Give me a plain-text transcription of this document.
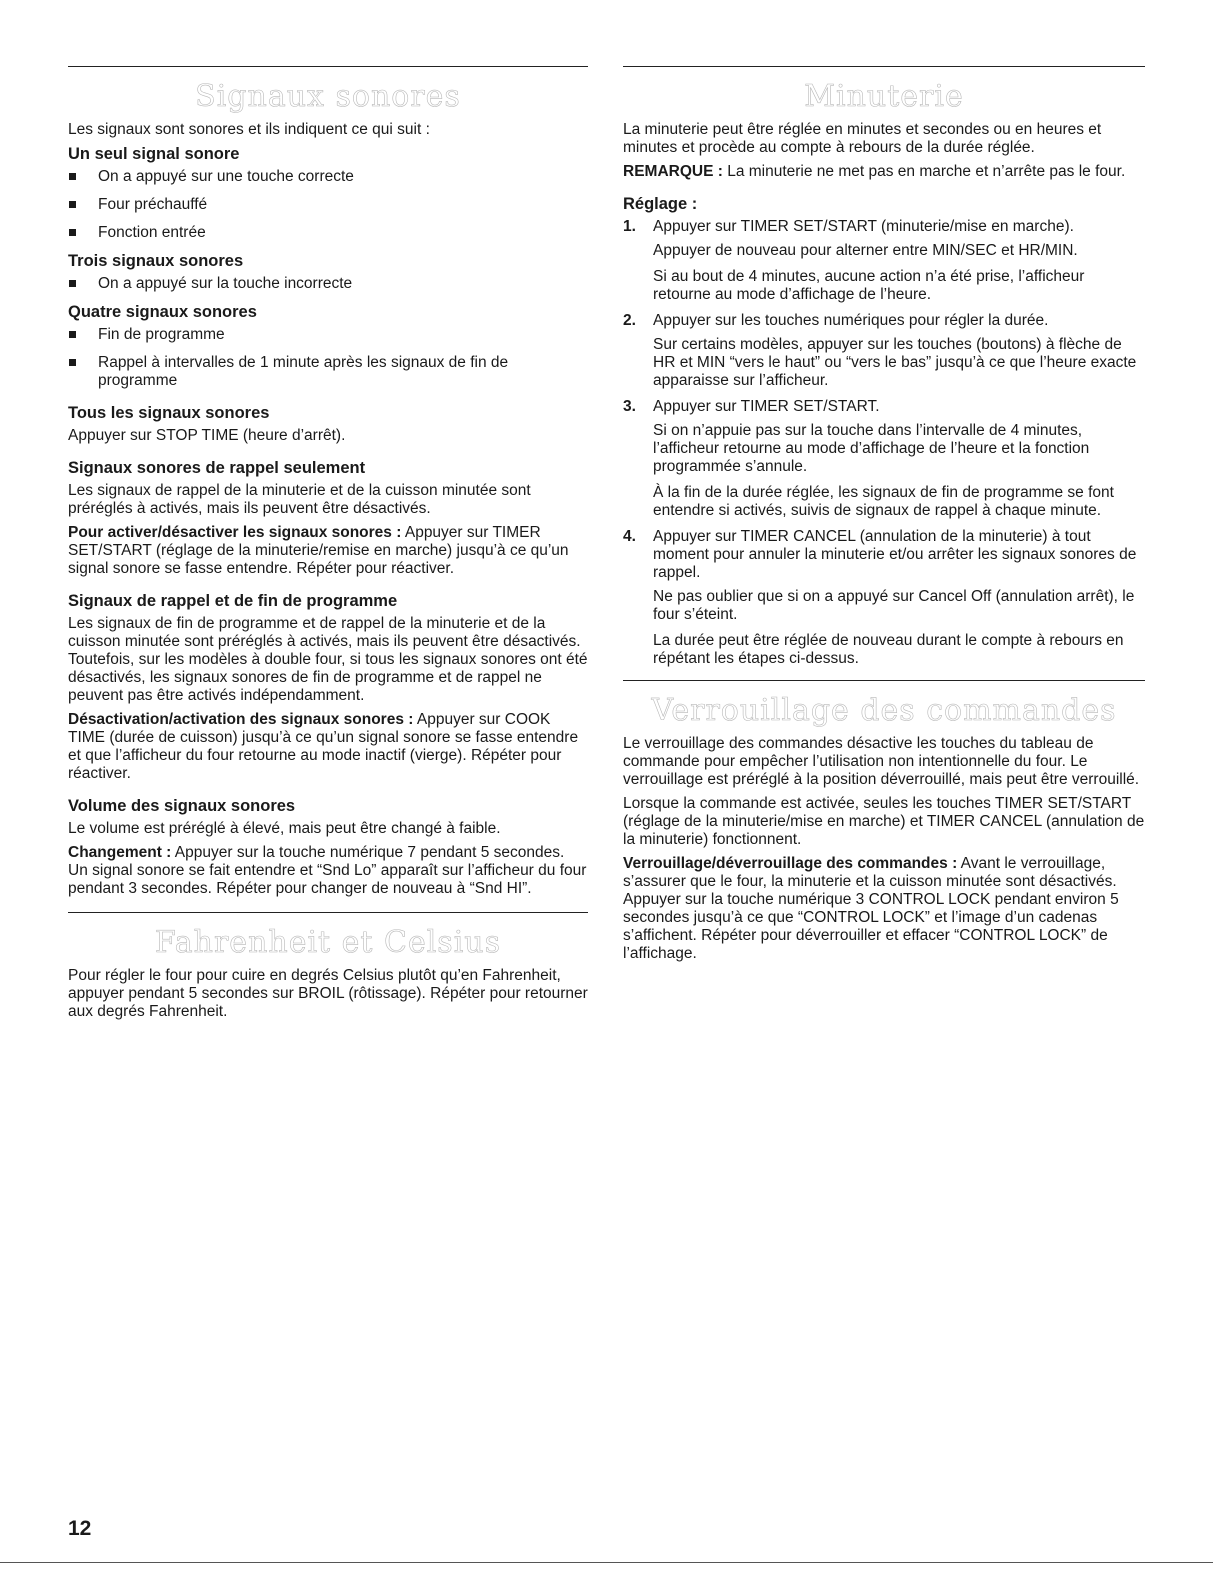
Signaux sonores

Les signaux sont sonores et ils indiquent ce qui suit :

Un seul signal sonore
On a appuyé sur une touche correcte
Four préchauffé
Fonction entrée
Trois signaux sonores
On a appuyé sur la touche incorrecte
Quatre signaux sonores
Fin de programme
Rappel à intervalles de 1 minute après les signaux de fin de programme
Tous les signaux sonores

Appuyer sur STOP TIME (heure d’arrêt).

Signaux sonores de rappel seulement

Les signaux de rappel de la minuterie et de la cuisson minutée sont préréglés à activés, mais ils peuvent être désactivés.

Pour activer/désactiver les signaux sonores : Appuyer sur TIMER SET/START (réglage de la minuterie/remise en marche) jusqu’à ce qu’un signal sonore se fasse entendre. Répéter pour réactiver.

Signaux de rappel et de fin de programme

Les signaux de fin de programme et de rappel de la minuterie et de la cuisson minutée sont préréglés à activés, mais ils peuvent être désactivés. Toutefois, sur les modèles à double four, si tous les signaux sonores ont été désactivés, les signaux sonores de fin de programme et de rappel ne peuvent pas être activés indépendamment.

Désactivation/activation des signaux sonores : Appuyer sur COOK TIME (durée de cuisson) jusqu’à ce qu’un signal sonore se fasse entendre et que l’afficheur du four retourne au mode inactif (vierge). Répéter pour réactiver.

Volume des signaux sonores

Le volume est préréglé à élevé, mais peut être changé à faible.

Changement : Appuyer sur la touche numérique 7 pendant 5 secondes. Un signal sonore se fait entendre et “Snd Lo” apparaît sur l’afficheur du four pendant 3 secondes. Répéter pour changer de nouveau à “Snd HI”.

Fahrenheit et Celsius

Pour régler le four pour cuire en degrés Celsius plutôt qu’en Fahrenheit, appuyer pendant 5 secondes sur BROIL (rôtissage). Répéter pour retourner aux degrés Fahrenheit.

Minuterie

La minuterie peut être réglée en minutes et secondes ou en heures et minutes et procède au compte à rebours de la durée réglée.

REMARQUE : La minuterie ne met pas en marche et n’arrête pas le four.

Réglage :
1. Appuyer sur TIMER SET/START (minuterie/mise en marche).
Appuyer de nouveau pour alterner entre MIN/SEC et HR/MIN.
Si au bout de 4 minutes, aucune action n’a été prise, l’afficheur retourne au mode d’affichage de l’heure.
2. Appuyer sur les touches numériques pour régler la durée.
Sur certains modèles, appuyer sur les touches (boutons) à flèche de HR et MIN “vers le haut” ou “vers le bas” jusqu’à ce que l’heure exacte apparaisse sur l’afficheur.
3. Appuyer sur TIMER SET/START.
Si on n’appuie pas sur la touche dans l’intervalle de 4 minutes, l’afficheur retourne au mode d’affichage de l’heure et la fonction programmée s’annule.
À la fin de la durée réglée, les signaux de fin de programme se font entendre si activés, suivis de signaux de rappel à chaque minute.
4. Appuyer sur TIMER CANCEL (annulation de la minuterie) à tout moment pour annuler la minuterie et/ou arrêter les signaux sonores de rappel.
Ne pas oublier que si on a appuyé sur Cancel Off (annulation arrêt), le four s’éteint.
La durée peut être réglée de nouveau durant le compte à rebours en répétant les étapes ci-dessus.
Verrouillage des commandes

Le verrouillage des commandes désactive les touches du tableau de commande pour empêcher l’utilisation non intentionnelle du four. Le verrouillage est préréglé à la position déverrouillé, mais peut être verrouillé.

Lorsque la commande est activée, seules les touches TIMER SET/START (réglage de la minuterie/mise en marche) et TIMER CANCEL (annulation de la minuterie) fonctionnent.

Verrouillage/déverrouillage des commandes : Avant le verrouillage, s’assurer que le four, la minuterie et la cuisson minutée sont désactivés. Appuyer sur la touche numérique 3 CONTROL LOCK pendant environ 5 secondes jusqu’à ce que “CONTROL LOCK” et l’image d’un cadenas s’affichent. Répéter pour déverrouiller et effacer “CONTROL LOCK” de l’affichage.

12
